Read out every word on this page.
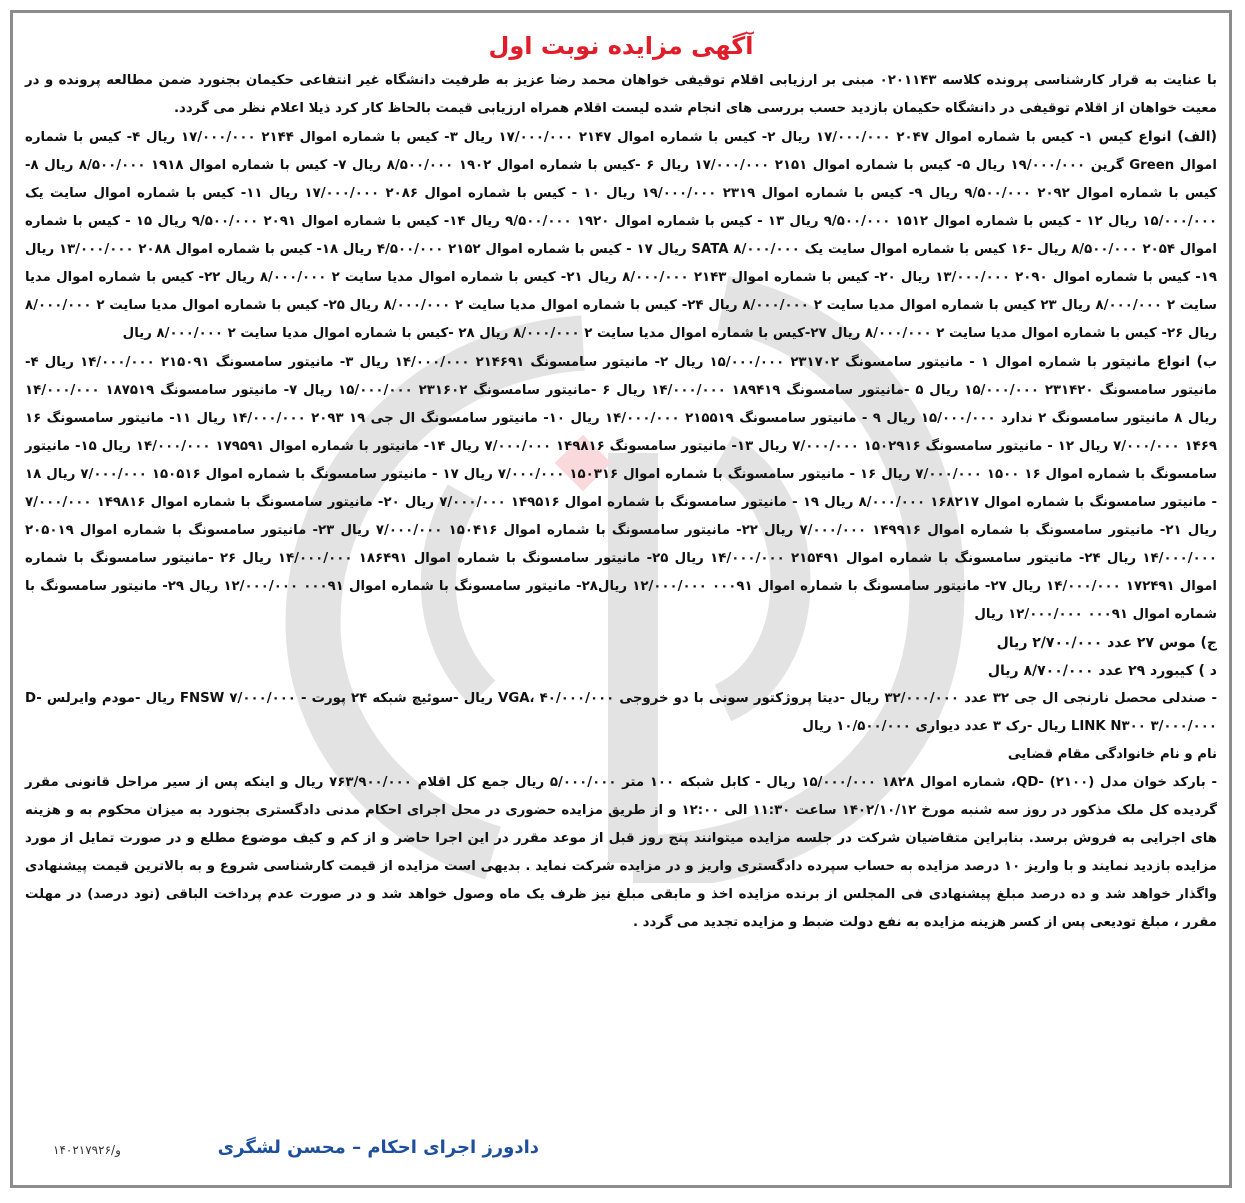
آگهی مزایده نوبت اول

با عنایت به قرار کارشناسی پرونده کلاسه ۰۲۰۱۱۴۳ مبنی بر ارزیابی اقلام توقیفی خواهان محمد رضا عزیز به طرفیت دانشگاه غیر انتفاعی حکیمان بجنورد ضمن مطالعه پرونده و در معیت خواهان از اقلام توقیفی در دانشگاه حکیمان بازدید حسب بررسی های انجام شده لیست اقلام همراه ارزیابی قیمت بالحاظ کار کرد ذیلا اعلام نظر می گردد.

(الف) انواع کیس ۱- کیس با شماره اموال ۲۰۴۷ ۱۷/۰۰۰/۰۰۰ ریال ۲- کیس با شماره اموال ۲۱۴۷ ۱۷/۰۰۰/۰۰۰ ریال ۳- کیس با شماره اموال ۲۱۴۴ ۱۷/۰۰۰/۰۰۰ ریال ۴- کیس با شماره اموال Green گرین ۱۹/۰۰۰/۰۰۰ ریال ۵- کیس با شماره اموال ۲۱۵۱ ۱۷/۰۰۰/۰۰۰ ریال ۶ -کیس با شماره اموال ۱۹۰۲ ۸/۵۰۰/۰۰۰ ریال ۷- کیس با شماره اموال ۱۹۱۸ ۸/۵۰۰/۰۰۰ ریال ۸-کیس با شماره اموال ۲۰۹۲ ۹/۵۰۰/۰۰۰ ریال ۹- کیس با شماره اموال ۲۳۱۹ ۱۹/۰۰۰/۰۰۰ ریال ۱۰ - کیس با شماره اموال ۲۰۸۶ ۱۷/۰۰۰/۰۰۰ ریال ۱۱- کیس با شماره اموال سایت یک ۱۵/۰۰۰/۰۰۰ ریال ۱۲ - کیس با شماره اموال ۱۵۱۲ ۹/۵۰۰/۰۰۰ ریال ۱۳ - کیس با شماره اموال ۱۹۲۰ ۹/۵۰۰/۰۰۰ ریال ۱۴- کیس با شماره اموال ۲۰۹۱ ۹/۵۰۰/۰۰۰ ریال ۱۵ - کیس با شماره اموال ۲۰۵۴ ۸/۵۰۰/۰۰۰ ریال -۱۶ کیس با شماره اموال سایت یک SATA ۸/۰۰۰/۰۰۰ ریال ۱۷ - کیس با شماره اموال ۲۱۵۲ ۴/۵۰۰/۰۰۰ ریال ۱۸- کیس با شماره اموال ۲۰۸۸ ۱۳/۰۰۰/۰۰۰ ریال ۱۹- کیس با شماره اموال ۲۰۹۰ ۱۳/۰۰۰/۰۰۰ ریال ۲۰- کیس با شماره اموال ۲۱۴۳ ۸/۰۰۰/۰۰۰ ریال ۲۱- کیس با شماره اموال مدیا سایت ۲ ۸/۰۰۰/۰۰۰ ریال ۲۲- کیس با شماره اموال مدیا سایت ۲ ۸/۰۰۰/۰۰۰ ریال ۲۳ کیس با شماره اموال مدیا سایت ۲ ۸/۰۰۰/۰۰۰ ریال ۲۴- کیس با شماره اموال مدیا سایت ۲ ۸/۰۰۰/۰۰۰ ریال ۲۵- کیس با شماره اموال مدیا سایت ۲ ۸/۰۰۰/۰۰۰ ریال ۲۶- کیس با شماره اموال مدیا سایت ۲ ۸/۰۰۰/۰۰۰ ریال ۲۷-کیس با شماره اموال مدیا سایت ۲ ۸/۰۰۰/۰۰۰ ریال ۲۸ -کیس با شماره اموال مدیا سایت ۲ ۸/۰۰۰/۰۰۰ ریال

ب) انواع مانیتور با شماره اموال ۱ - مانیتور سامسونگ ۲۳۱۷۰۲ ۱۵/۰۰۰/۰۰۰ ریال ۲- مانیتور سامسونگ ۲۱۴۶۹۱ ۱۴/۰۰۰/۰۰۰ ریال ۳- مانیتور سامسونگ ۲۱۵۰۹۱ ۱۴/۰۰۰/۰۰۰ ریال ۴- مانیتور سامسونگ ۲۳۱۴۲۰ ۱۵/۰۰۰/۰۰۰ ریال ۵ -مانیتور سامسونگ ۱۸۹۴۱۹ ۱۴/۰۰۰/۰۰۰ ریال ۶ -مانیتور سامسونگ ۲۳۱۶۰۲ ۱۵/۰۰۰/۰۰۰ ریال ۷- مانیتور سامسونگ ۱۸۷۵۱۹ ۱۴/۰۰۰/۰۰۰ ریال ۸ مانیتور سامسونگ ۲ ندارد ۱۵/۰۰۰/۰۰۰ ریال ۹ - مانیتور سامسونگ ۲۱۵۵۱۹ ۱۴/۰۰۰/۰۰۰ ریال ۱۰- مانیتور سامسونگ ال جی ۱۹ ۲۰۹۳ ۱۴/۰۰۰/۰۰۰ ریال ۱۱- مانیتور سامسونگ ۱۶ ۱۴۶۹ ۷/۰۰۰/۰۰۰ ریال ۱۲ - مانیتور سامسونگ ۱۵۰۲۹۱۶ ۷/۰۰۰/۰۰۰ ریال ۱۳- مانیتور سامسونگ ۱۴۹۸۱۶ ۷/۰۰۰/۰۰۰ ریال ۱۴- مانیتور با شماره اموال ۱۷۹۵۹۱ ۱۴/۰۰۰/۰۰۰ ریال ۱۵- مانیتور سامسونگ با شماره اموال ۱۶ ۱۵۰۰ ۷/۰۰۰/۰۰۰ ریال ۱۶ - مانیتور سامسونگ با شماره اموال ۱۵۰۳۱۶ ۷/۰۰۰/۰۰۰ ریال ۱۷ - مانیتور سامسونگ با شماره اموال ۱۵۰۵۱۶ ۷/۰۰۰/۰۰۰ ریال ۱۸ - مانیتور سامسونگ با شماره اموال ۱۶۸۲۱۷ ۸/۰۰۰/۰۰۰ ریال ۱۹ - مانیتور سامسونگ با شماره اموال ۱۴۹۵۱۶ ۷/۰۰۰/۰۰۰ ریال ۲۰- مانیتور سامسونگ با شماره اموال ۱۴۹۸۱۶ ۷/۰۰۰/۰۰۰ ریال ۲۱- مانیتور سامسونگ با شماره اموال ۱۴۹۹۱۶ ۷/۰۰۰/۰۰۰ ریال ۲۲- مانیتور سامسونگ با شماره اموال ۱۵۰۴۱۶ ۷/۰۰۰/۰۰۰ ریال ۲۳- مانیتور سامسونگ با شماره اموال ۲۰۵۰۱۹ ۱۴/۰۰۰/۰۰۰ ریال ۲۴- مانیتور سامسونگ با شماره اموال ۲۱۵۴۹۱ ۱۴/۰۰۰/۰۰۰ ریال ۲۵- مانیتور سامسونگ با شماره اموال ۱۸۶۴۹۱ ۱۴/۰۰۰/۰۰۰ ریال ۲۶ -مانیتور سامسونگ با شماره اموال ۱۷۲۴۹۱ ۱۴/۰۰۰/۰۰۰ ریال ۲۷- مانیتور سامسونگ با شماره اموال ۰۰۰۹۱ ۱۲/۰۰۰/۰۰۰ ریال۲۸- مانیتور سامسونگ با شماره اموال ۰۰۰۹۱ ۱۲/۰۰۰/۰۰۰ ریال ۲۹- مانیتور سامسونگ با شماره اموال ۰۰۰۹۱ ۱۲/۰۰۰/۰۰۰ ریال

ج) موس ۲۷ عدد ۲/۷۰۰/۰۰۰ ریال

د ) کیبورد ۲۹ عدد ۸/۷۰۰/۰۰۰ ریال

- صندلی محصل نارنجی ال جی ۳۲ عدد ۳۲/۰۰۰/۰۰۰ ریال -دیتا پروژکتور سونی با دو خروجی VGA، ۴۰/۰۰۰/۰۰۰ ریال -سوئیچ شبکه ۲۴ پورت - FNSW ۷/۰۰۰/۰۰۰ ریال -مودم وایرلس D-LINK N۳۰۰ ۳/۰۰۰/۰۰۰ ریال -رک ۳ عدد دیواری ۱۰/۵۰۰/۰۰۰ ریال

نام و نام خانوادگی مقام قضایی

- بارکد خوان مدل (۲۱۰۰) -QD، شماره اموال ۱۸۲۸ ۱۵/۰۰۰/۰۰۰ ریال - کابل شبکه ۱۰۰ متر ۵/۰۰۰/۰۰۰ ریال جمع کل اقلام ۷۶۳/۹۰۰/۰۰۰ ریال و اینکه پس از سیر مراحل قانونی مقرر گردیده کل ملک مذکور در روز سه شنبه مورخ ۱۴۰۲/۱۰/۱۲ ساعت ۱۱:۳۰ الی ۱۲:۰۰ و از طریق مزایده حضوری در محل اجرای احکام مدنی دادگستری بجنورد به میزان محکوم به و هزینه های اجرایی به فروش برسد. بنابراین متقاضیان شرکت در جلسه مزایده میتوانند پنج روز قبل از موعد مقرر در این اجرا حاضر و از کم و کیف موضوع مطلع و در صورت تمایل از مورد مزایده بازدید نمایند و با واریز ۱۰ درصد مزایده به حساب سپرده دادگستری واریز و در مزایده شرکت نماید . بدیهی است مزایده از قیمت کارشناسی شروع و به بالاترین قیمت پیشنهادی واگذار خواهد شد و ده درصد مبلغ پیشنهادی فی المجلس از برنده مزایده اخذ و مابقی مبلغ نیز ظرف یک ماه وصول خواهد شد و در صورت عدم پرداخت الباقی (نود درصد) در مهلت مقرر ، مبلغ تودیعی پس از کسر هزینه مزایده به نفع دولت ضبط و مزایده تجدید می گردد .

دادورز اجرای احکام – محسن لشگری
۱۴۰۲۱۷۹۲۶/و
